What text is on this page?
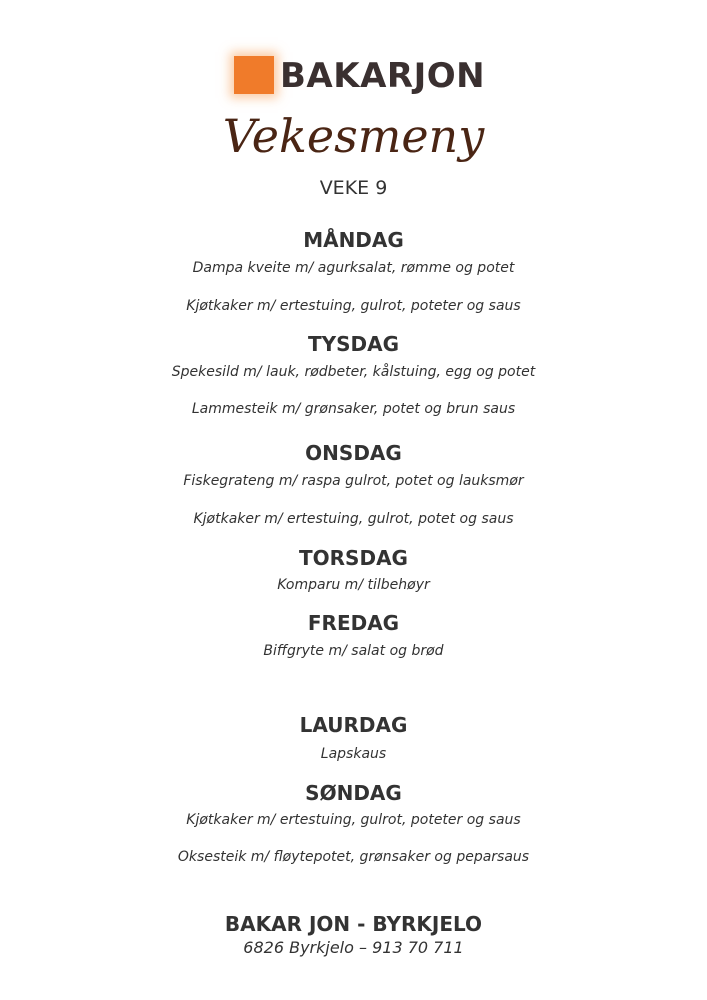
BAKARJON
Vekesmeny
VEKE 9
MÅNDAG
Dampa kveite m/ agurksalat, rømme og potet
Kjøtkaker m/ ertestuing, gulrot, poteter og saus
TYSDAG
Spekesild m/ lauk, rødbeter, kålstuing, egg og potet
Lammesteik m/ grønsaker, potet og brun saus
ONSDAG
Fiskegrateng m/ raspa gulrot, potet og lauksmør
Kjøtkaker m/ ertestuing, gulrot, potet og saus
TORSDAG
Komparu m/ tilbehøyr
FREDAG
Biffgryte m/ salat og brød
LAURDAG
Lapskaus
SØNDAG
Kjøtkaker m/ ertestuing, gulrot, poteter og saus
Oksesteik m/ fløytepotet, grønsaker og peparsaus
BAKAR JON - BYRKJELO
6826 Byrkjelo – 913 70 711
